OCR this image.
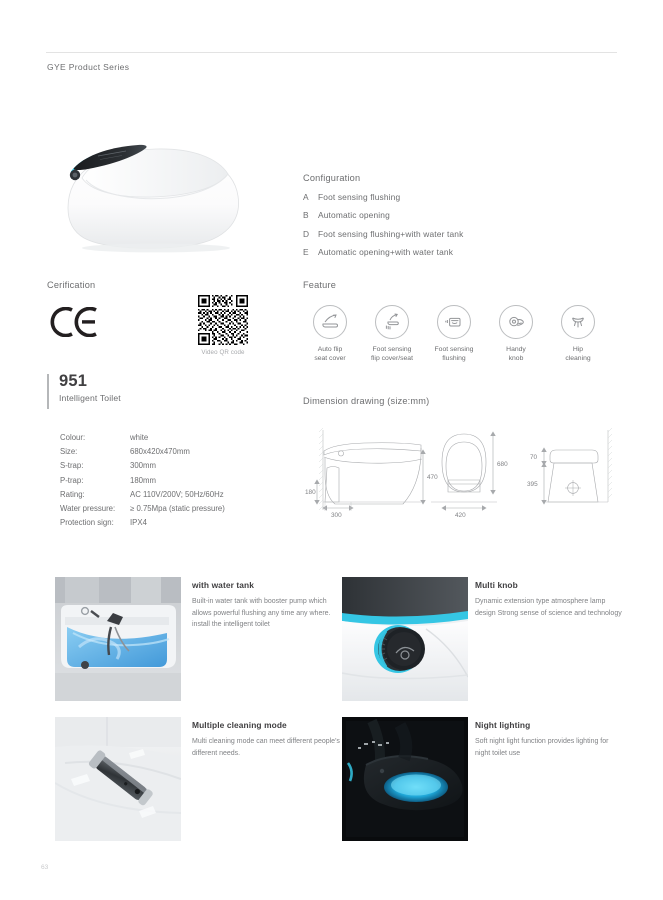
GYE Product Series
Configuration
A	Foot sensing flushing
B	Automatic opening
D	Foot sensing flushing+with water tank
E	Automatic opening+with water tank
Cerification
Video QR code
Feature
Auto flip
seat cover
Foot sensing
flip cover/seat
Foot sensing
flushing
Handy
knob
Hip
cleaning
951
Intelligent Toilet
Colour:	white
Size:	680x420x470mm
S-trap:	300mm
P-trap:	180mm
Rating:	AC 110V/200V; 50Hz/60Hz
Water pressure:	≥ 0.75Mpa (static pressure)
Protection sign:	IPX4
Dimension drawing (size:mm)
470
180
300
680
420
70
395
with water tank
Built-in water tank with booster pump which allows powerful flushing any time any where. install the intelligent toilet
Multi knob
Dynamic extension type atmosphere lamp design Strong sense of science and technology
Multiple cleaning mode
Multi cleaning mode can meet different people's different needs.
Night lighting
Soft night light function provides lighting for night toilet use
63
